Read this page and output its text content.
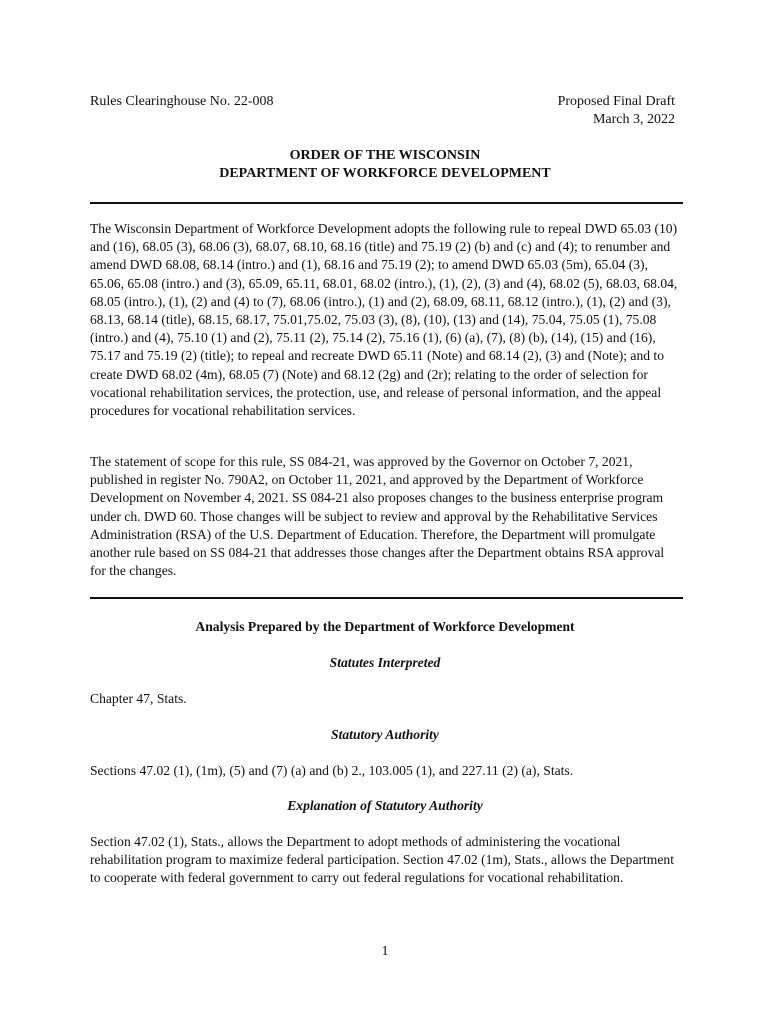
Rules Clearinghouse No. 22-008	Proposed Final Draft
March 3, 2022
ORDER OF THE WISCONSIN
DEPARTMENT OF WORKFORCE DEVELOPMENT

The Wisconsin Department of Workforce Development adopts the following rule to repeal DWD 65.03 (10) and (16), 68.05 (3), 68.06 (3), 68.07, 68.10, 68.16 (title) and 75.19 (2) (b) and (c) and (4); to renumber and amend DWD 68.08, 68.14 (intro.) and (1), 68.16 and 75.19 (2); to amend DWD 65.03 (5m), 65.04 (3), 65.06, 65.08 (intro.) and (3), 65.09, 65.11, 68.01, 68.02 (intro.), (1), (2), (3) and (4), 68.02 (5), 68.03, 68.04, 68.05 (intro.), (1), (2) and (4) to (7), 68.06 (intro.), (1) and (2), 68.09, 68.11, 68.12 (intro.), (1), (2) and (3), 68.13, 68.14 (title), 68.15, 68.17, 75.01,75.02, 75.03 (3), (8), (10), (13) and (14), 75.04, 75.05 (1), 75.08 (intro.) and (4), 75.10 (1) and (2), 75.11 (2), 75.14 (2), 75.16 (1), (6) (a), (7), (8) (b), (14), (15) and (16), 75.17 and 75.19 (2) (title); to repeal and recreate DWD 65.11 (Note) and 68.14 (2), (3) and (Note); and to create DWD 68.02 (4m), 68.05 (7) (Note) and 68.12 (2g) and (2r); relating to the order of selection for vocational rehabilitation services, the protection, use, and release of personal information, and the appeal procedures for vocational rehabilitation services.

The statement of scope for this rule, SS 084-21, was approved by the Governor on October 7, 2021, published in register No. 790A2, on October 11, 2021, and approved by the Department of Workforce Development on November 4, 2021. SS 084-21 also proposes changes to the business enterprise program under ch. DWD 60. Those changes will be subject to review and approval by the Rehabilitative Services Administration (RSA) of the U.S. Department of Education. Therefore, the Department will promulgate another rule based on SS 084-21 that addresses those changes after the Department obtains RSA approval for the changes.

Analysis Prepared by the Department of Workforce Development
Statutes Interpreted
Chapter 47, Stats.
Statutory Authority
Sections 47.02 (1), (1m), (5) and (7) (a) and (b) 2., 103.005 (1), and 227.11 (2) (a), Stats.
Explanation of Statutory Authority

Section 47.02 (1), Stats., allows the Department to adopt methods of administering the vocational rehabilitation program to maximize federal participation. Section 47.02 (1m), Stats., allows the Department to cooperate with federal government to carry out federal regulations for vocational rehabilitation.

1
